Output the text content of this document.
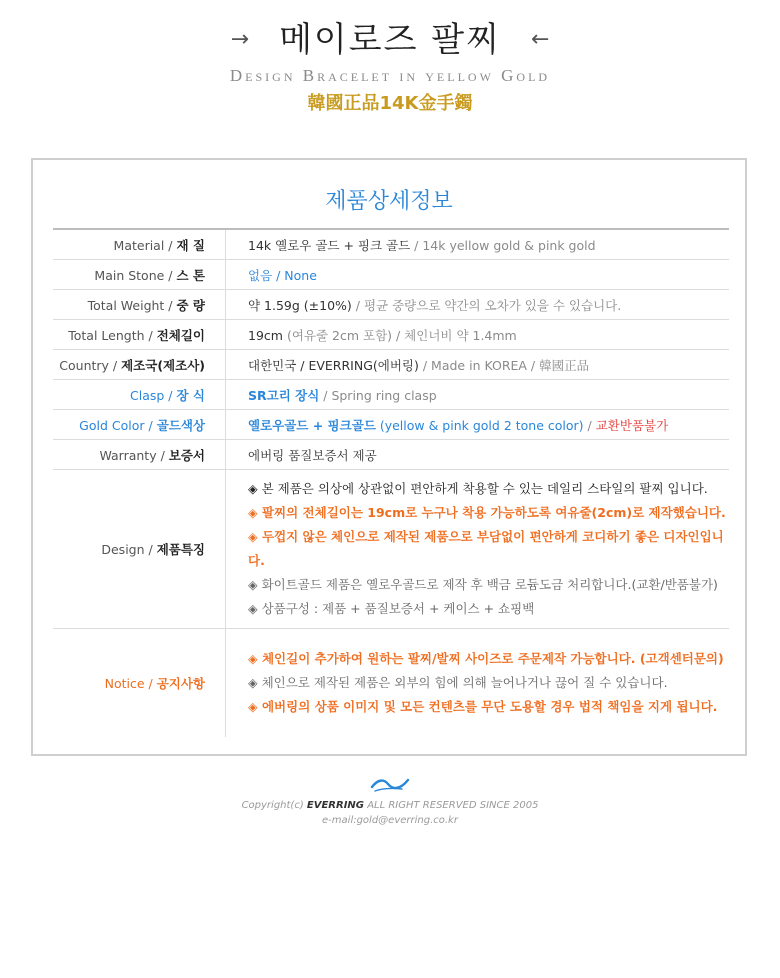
→ 메이로즈 팔찌 ←
Design Bracelet in yellow Gold
韓國正品14K金手鐲
제품상세정보
Material / 재 질	14k 옐로우 골드 + 핑크 골드 / 14k yellow gold & pink gold
Main Stone / 스 톤	없음 / None
Total Weight / 중 량	약 1.59g (±10%) / 평균 중량으로 약간의 오차가 있을 수 있습니다.
Total Length / 전체길이	19cm (여유줄 2cm 포함) / 체인너비 약 1.4mm
Country / 제조국(제조사)	대한민국 / EVERRING(에버링) / Made in KOREA / 韓國正品
Clasp / 장 식	SR고리 장식 / Spring ring clasp
Gold Color / 골드색상	옐로우골드 + 핑크골드 (yellow & pink gold 2 tone color) / 교환반품불가
Warranty / 보증서	에버링 품질보증서 제공
Design / 제품특징	◈ 본 제품은 의상에 상관없이 편안하게 착용할 수 있는 데일리 스타일의 팔찌 입니다.
◈ 팔찌의 전체길이는 19cm로 누구나 착용 가능하도록 여유줄(2cm)로 제작했습니다.
◈ 두껍지 않은 체인으로 제작된 제품으로 부담없이 편안하게 코디하기 좋은 디자인입니다.
◈ 화이트골드 제품은 옐로우골드로 제작 후 백금 로듐도금 처리합니다.(교환/반품불가)
◈ 상품구성 : 제품 + 품질보증서 + 케이스 + 쇼핑백

Notice / 공지사항	◈ 체인길이 추가하여 원하는 팔찌/발찌 사이즈로 주문제작 가능합니다. (고객센터문의)
◈ 체인으로 제작된 제품은 외부의 힘에 의해 늘어나거나 끊어 질 수 있습니다.
◈ 에버링의 상품 이미지 및 모든 컨텐츠를 무단 도용할 경우 법적 책임을 지게 됩니다.
Copyright(c) EVERRING ALL RIGHT RESERVED SINCE 2005
e-mail:gold@everring.co.kr
